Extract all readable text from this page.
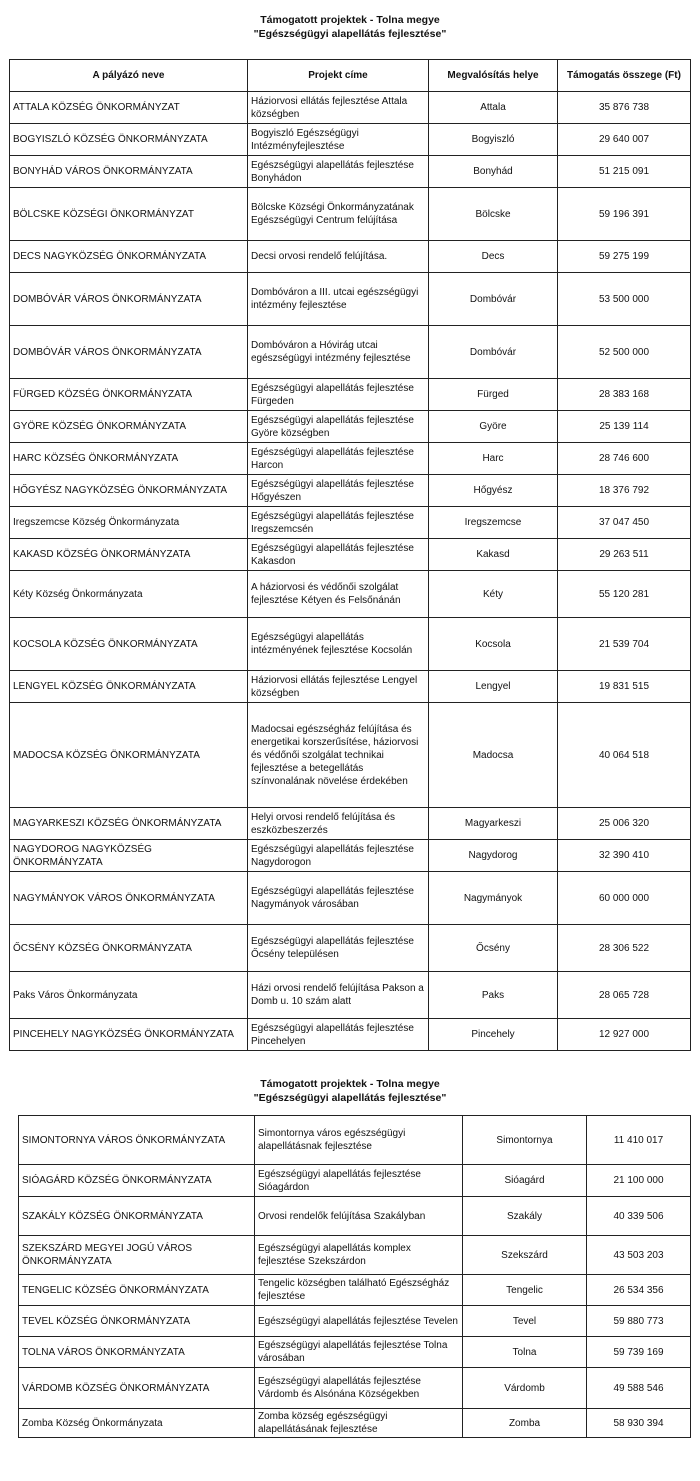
Támogatott projektek - Tolna megye
"Egészségügyi alapellátás fejlesztése"
A pályázó neve	Projekt címe	Megvalósítás helye	Támogatás összege (Ft)
ATTALA KÖZSÉG ÖNKORMÁNYZAT	Háziorvosi ellátás fejlesztése Attala községben	Attala	35 876 738
BOGYISZLÓ KÖZSÉG ÖNKORMÁNYZATA	Bogyiszló Egészségügyi Intézményfejlesztése	Bogyiszló	29 640 007
BONYHÁD VÁROS ÖNKORMÁNYZATA	Egészségügyi alapellátás fejlesztése Bonyhádon	Bonyhád	51 215 091
BÖLCSKE KÖZSÉGI ÖNKORMÁNYZAT	Bölcske Községi Önkormányzatának Egészségügyi Centrum felújítása	Bölcske	59 196 391
DECS NAGYKÖZSÉG ÖNKORMÁNYZATA	Decsi orvosi rendelő felújítása.	Decs	59 275 199
DOMBÓVÁR VÁROS ÖNKORMÁNYZATA	Dombóváron a III. utcai egészségügyi intézmény fejlesztése	Dombóvár	53 500 000
DOMBÓVÁR VÁROS ÖNKORMÁNYZATA	Dombóváron a Hóvirág utcai egészségügyi intézmény fejlesztése	Dombóvár	52 500 000
FÜRGED KÖZSÉG ÖNKORMÁNYZATA	Egészségügyi alapellátás fejlesztése Fürgeden	Fürged	28 383 168
GYÖRE KÖZSÉG ÖNKORMÁNYZATA	Egészségügyi alapellátás fejlesztése Györe községben	Györe	25 139 114
HARC KÖZSÉG ÖNKORMÁNYZATA	Egészségügyi alapellátás fejlesztése Harcon	Harc	28 746 600
HŐGYÉSZ NAGYKÖZSÉG ÖNKORMÁNYZATA	Egészségügyi alapellátás fejlesztése Hőgyészen	Hőgyész	18 376 792
Iregszemcse Község Önkormányzata	Egészségügyi alapellátás fejlesztése Iregszemcsén	Iregszemcse	37 047 450
KAKASD KÖZSÉG ÖNKORMÁNYZATA	Egészségügyi alapellátás fejlesztése Kakasdon	Kakasd	29 263 511
Kéty Község Önkormányzata	A háziorvosi és védőnői szolgálat fejlesztése Kétyen és Felsőnánán	Kéty	55 120 281
KOCSOLA KÖZSÉG ÖNKORMÁNYZATA	Egészségügyi alapellátás intézményének fejlesztése Kocsolán	Kocsola	21 539 704
LENGYEL KÖZSÉG ÖNKORMÁNYZATA	Háziorvosi ellátás fejlesztése Lengyel községben	Lengyel	19 831 515
MADOCSA KÖZSÉG ÖNKORMÁNYZATA	Madocsai egészségház felújítása és energetikai korszerűsítése, háziorvosi és védőnői szolgálat technikai fejlesztése a betegellátás színvonalának növelése érdekében	Madocsa	40 064 518
MAGYARKESZI KÖZSÉG ÖNKORMÁNYZATA	Helyi orvosi rendelő felújítása és eszközbeszerzés	Magyarkeszi	25 006 320
NAGYDOROG NAGYKÖZSÉG ÖNKORMÁNYZATA	Egészségügyi alapellátás fejlesztése Nagydorogon	Nagydorog	32 390 410
NAGYMÁNYOK VÁROS ÖNKORMÁNYZATA	Egészségügyi alapellátás fejlesztése Nagymányok városában	Nagymányok	60 000 000
ŐCSÉNY KÖZSÉG ÖNKORMÁNYZATA	Egészségügyi alapellátás fejlesztése Őcsény településen	Őcsény	28 306 522
Paks Város Önkormányzata	Házi orvosi rendelő felújítása Pakson a Domb u. 10 szám alatt	Paks	28 065 728
PINCEHELY NAGYKÖZSÉG ÖNKORMÁNYZATA	Egészségügyi alapellátás fejlesztése Pincehelyen	Pincehely	12 927 000
Támogatott projektek - Tolna megye
"Egészségügyi alapellátás fejlesztése"
SIMONTORNYA VÁROS ÖNKORMÁNYZATA	Simontornya város egészségügyi alapellátásnak fejlesztése	Simontornya	11 410 017
SIÓAGÁRD KÖZSÉG ÖNKORMÁNYZATA	Egészségügyi alapellátás fejlesztése Sióagárdon	Sióagárd	21 100 000
SZAKÁLY KÖZSÉG ÖNKORMÁNYZATA	Orvosi rendelők felújítása Szakályban	Szakály	40 339 506
SZEKSZÁRD MEGYEI JOGÚ VÁROS ÖNKORMÁNYZATA	Egészségügyi alapellátás komplex fejlesztése Szekszárdon	Szekszárd	43 503 203
TENGELIC KÖZSÉG ÖNKORMÁNYZATA	Tengelic községben található Egészségház fejlesztése	Tengelic	26 534 356
TEVEL KÖZSÉG ÖNKORMÁNYZATA	Egészségügyi alapellátás fejlesztése Tevelen	Tevel	59 880 773
TOLNA VÁROS ÖNKORMÁNYZATA	Egészségügyi alapellátás fejlesztése Tolna városában	Tolna	59 739 169
VÁRDOMB KÖZSÉG ÖNKORMÁNYZATA	Egészségügyi alapellátás fejlesztése Várdomb és Alsónána Községekben	Várdomb	49 588 546
Zomba Község Önkormányzata	Zomba község egészségügyi alapellátásának fejlesztése	Zomba	58 930 394
